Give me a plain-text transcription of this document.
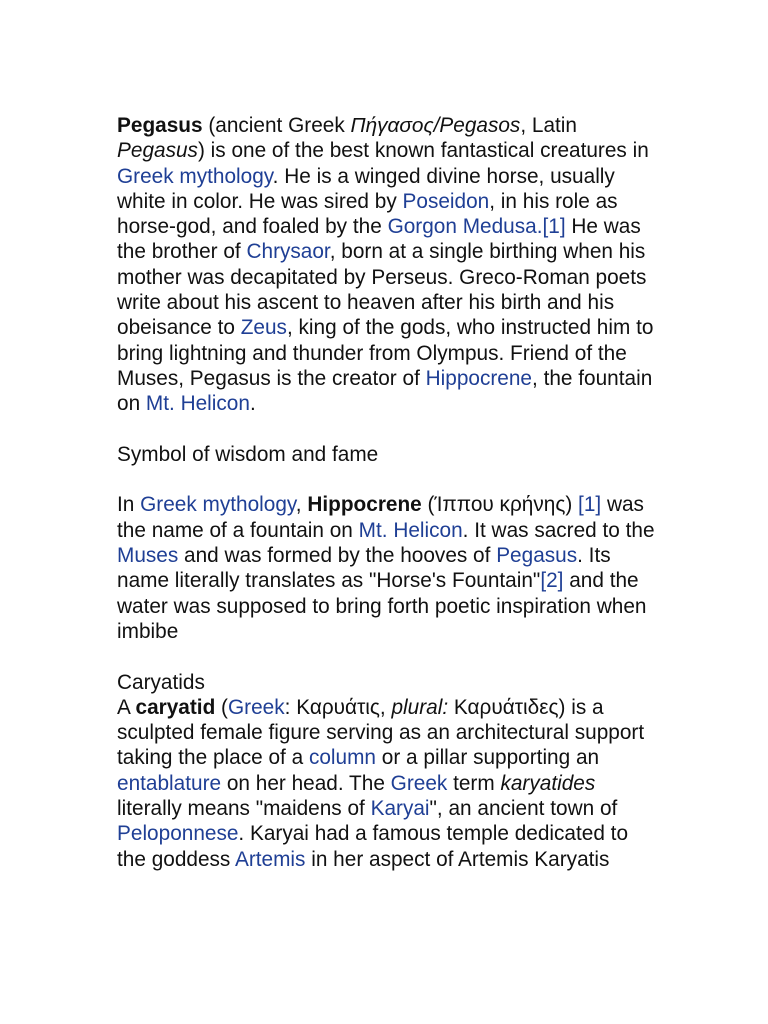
Pegasus (ancient Greek Πήγασος/Pegasos, Latin Pegasus) is one of the best known fantastical creatures in Greek mythology. He is a winged divine horse, usually white in color. He was sired by Poseidon, in his role as horse-god, and foaled by the Gorgon Medusa.[1] He was the brother of Chrysaor, born at a single birthing when his mother was decapitated by Perseus. Greco-Roman poets write about his ascent to heaven after his birth and his obeisance to Zeus, king of the gods, who instructed him to bring lightning and thunder from Olympus. Friend of the Muses, Pegasus is the creator of Hippocrene, the fountain on Mt. Helicon.

Symbol of wisdom and fame

In Greek mythology, Hippocrene (Ίππου κρήνης) [1] was the name of a fountain on Mt. Helicon. It was sacred to the Muses and was formed by the hooves of Pegasus. Its name literally translates as "Horse's Fountain"[2] and the water was supposed to bring forth poetic inspiration when imbibe

Caryatids

A caryatid (Greek: Καρυάτις, plural: Καρυάτιδες) is a sculpted female figure serving as an architectural support taking the place of a column or a pillar supporting an entablature on her head. The Greek term karyatides literally means "maidens of Karyai", an ancient town of Peloponnese. Karyai had a famous temple dedicated to the goddess Artemis in her aspect of Artemis Karyatis
